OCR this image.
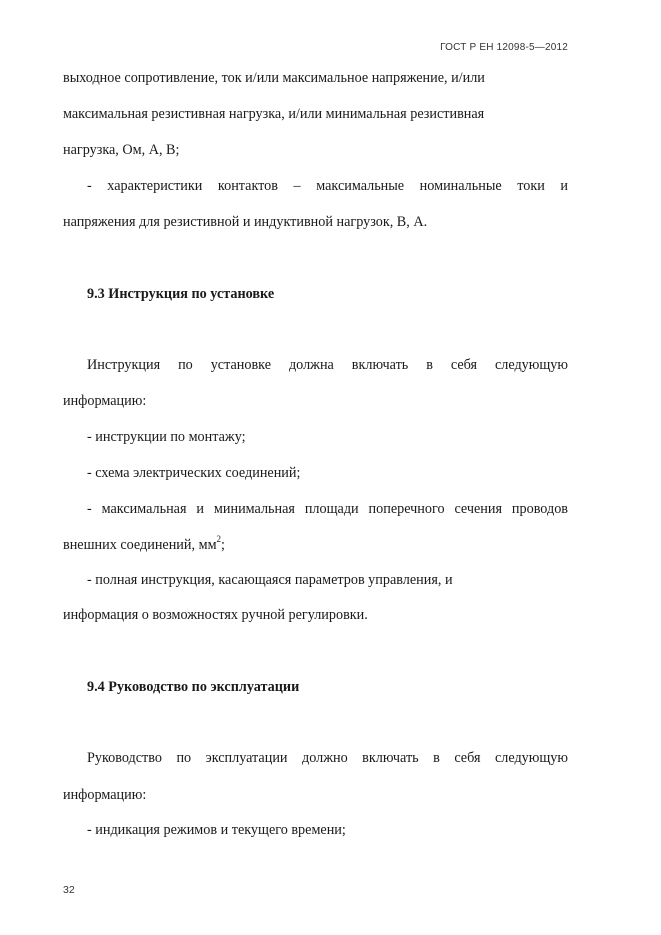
ГОСТ Р ЕН 12098-5—2012
выходное сопротивление, ток и/или максимальное напряжение, и/или
максимальная резистивная нагрузка, и/или минимальная резистивная
нагрузка, Ом, А, В;
- характеристики контактов – максимальные номинальные токи и
напряжения для резистивной и индуктивной нагрузок, В, А.
9.3 Инструкция по установке
Инструкция по установке должна включать в себя следующую
информацию:
- инструкции по монтажу;
- схема электрических соединений;
- максимальная и минимальная площади поперечного сечения проводов
внешних соединений, $мм^2$;
- полная инструкция, касающаяся параметров управления, и
информация о возможностях ручной регулировки.
9.4 Руководство по эксплуатации
Руководство по эксплуатации должно включать в себя следующую
информацию:
- индикация режимов и текущего времени;
32
